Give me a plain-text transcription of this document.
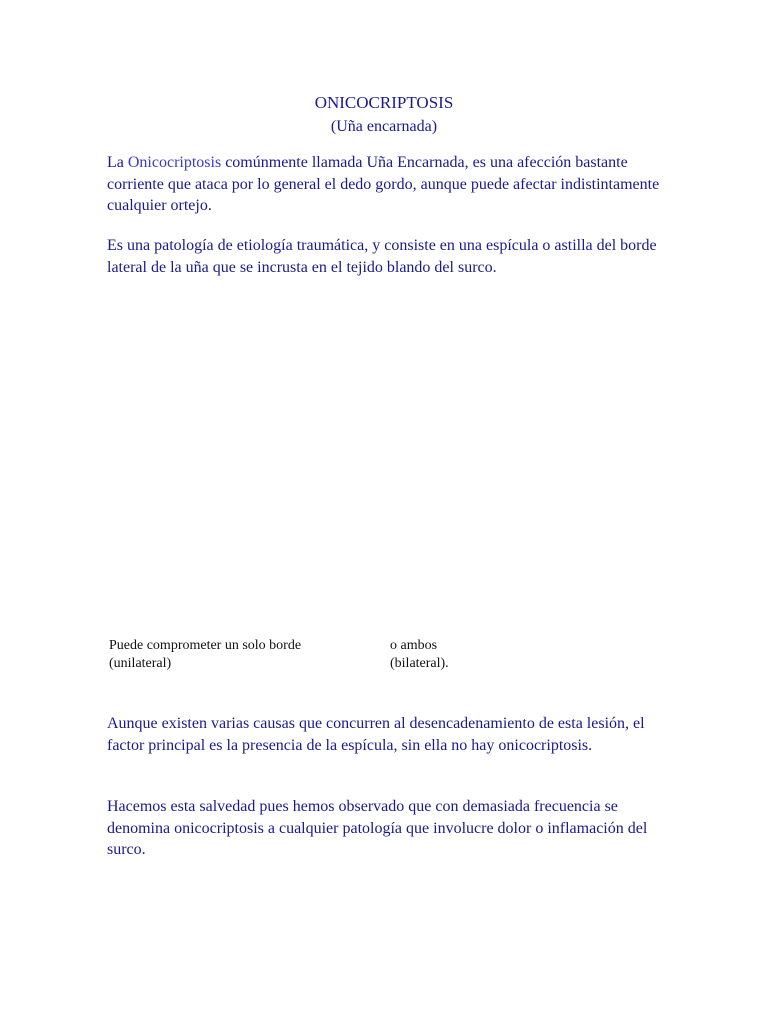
ONICOCRIPTOSIS
(Uña encarnada)

La Onicocriptosis comúnmente llamada Uña Encarnada, es una afección bastante corriente que ataca por lo general el dedo gordo, aunque puede afectar indistintamente cualquier ortejo.

Es una patología de etiología traumática, y consiste en una espícula o astilla del borde lateral de la uña que se incrusta en el tejido blando del surco.

Puede comprometer un solo borde
(unilateral)

o ambos
(bilateral).

Aunque existen varias causas que concurren al desencadenamiento de esta lesión, el factor principal es la presencia de la espícula, sin ella no hay onicocriptosis.

Hacemos esta salvedad pues hemos observado que con demasiada frecuencia se denomina onicocriptosis a cualquier patología que involucre dolor o inflamación del surco.
